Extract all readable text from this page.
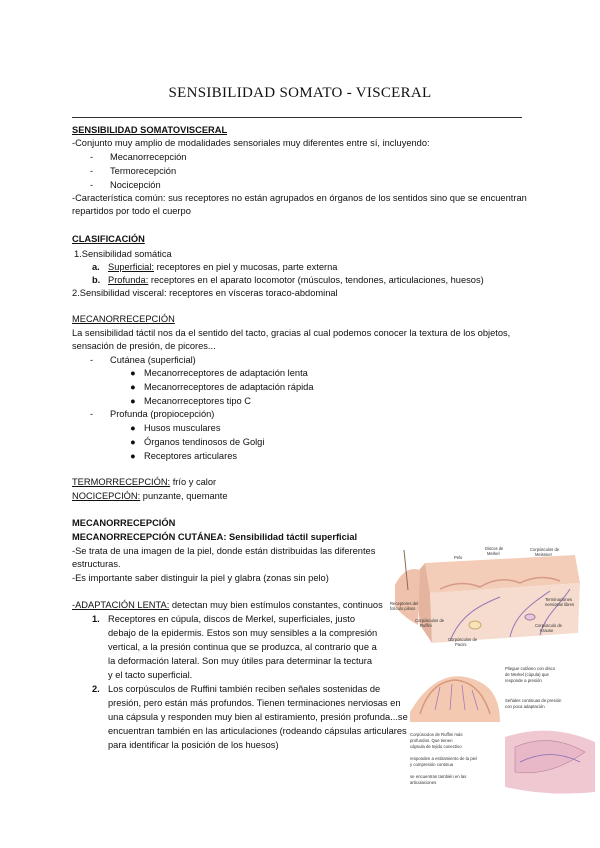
SENSIBILIDAD SOMATO - VISCERAL
SENSIBILIDAD SOMATOVISCERAL
-Conjunto muy amplio de modalidades sensoriales muy diferentes entre sí, incluyendo:
- Mecanorrecepción
- Termorecepción
- Nocicepción
-Característica común: sus receptores no están agrupados en órganos de los sentidos sino que se encuentran
repartidos por todo el cuerpo
CLASIFICACIÓN
1.Sensibilidad somática
a. Superficial: receptores en piel y mucosas, parte externa
b. Profunda: receptores en el aparato locomotor (músculos, tendones, articulaciones, huesos)
2.Sensibilidad visceral: receptores en vísceras toraco-abdominal
MECANORRECEPCIÓN
La sensibilidad táctil nos da el sentido del tacto, gracias al cual podemos conocer la textura de los objetos,
sensación de presión, de picores...
- Cutánea (superficial)
● Mecanorreceptores de adaptación lenta
● Mecanorreceptores de adaptación rápida
● Mecanorreceptores tipo C
- Profunda (propiocepción)
● Husos musculares
● Órganos tendinosos de Golgi
● Receptores articulares
TERMORRECEPCIÓN: frío y calor
NOCICEPCIÓN: punzante, quemante
MECANORRECEPCIÓN
MECANORRECEPCIÓN CUTÁNEA: Sensibilidad táctil superficial
-Se trata de una imagen de la piel, donde están distribuidas las diferentes
estructuras.
-Es importante saber distinguir la piel y glabra (zonas sin pelo)
-ADAPTACIÓN LENTA: detectan muy bien estímulos constantes, continuos
1. Receptores en cúpula, discos de Merkel, superficiales, justo
debajo de la epidermis. Estos son muy sensibles a la compresión
vertical, a la presión continua que se produzca, al contrario que a
la deformación lateral. Son muy útiles para determinar la tectura
y el tacto superficial.
2. Los corpúsculos de Ruffini también reciben señales sostenidas de
presión, pero están más profundos. Tienen terminaciones nerviosas en
una cápsula y responden muy bien al estiramiento, presión profunda...se
encuentran también en las articulaciones (rodeando cápsulas articulares
para identificar la posición de los huesos)
Discos de
Merkel
Pelo
Corpúsculos de
Meissner
Receptores del
folículo piloso
Corpúsculos de
Ruffini
Corpúsculos de
Pacini
Terminaciones
nerviosas libres
Corpúsculo de
Krause
Pliegue cutáneo con disco
de Merkel (cúpula) que
responde a presión
Señales continuas de presión
con poca adaptación
Corpúsculos de Ruffini más
profundos. Que tienen
cápsula de tejido conectivo
responden a estiramiento de la piel
y compresión continua
se encuentran también en las
articulaciones
